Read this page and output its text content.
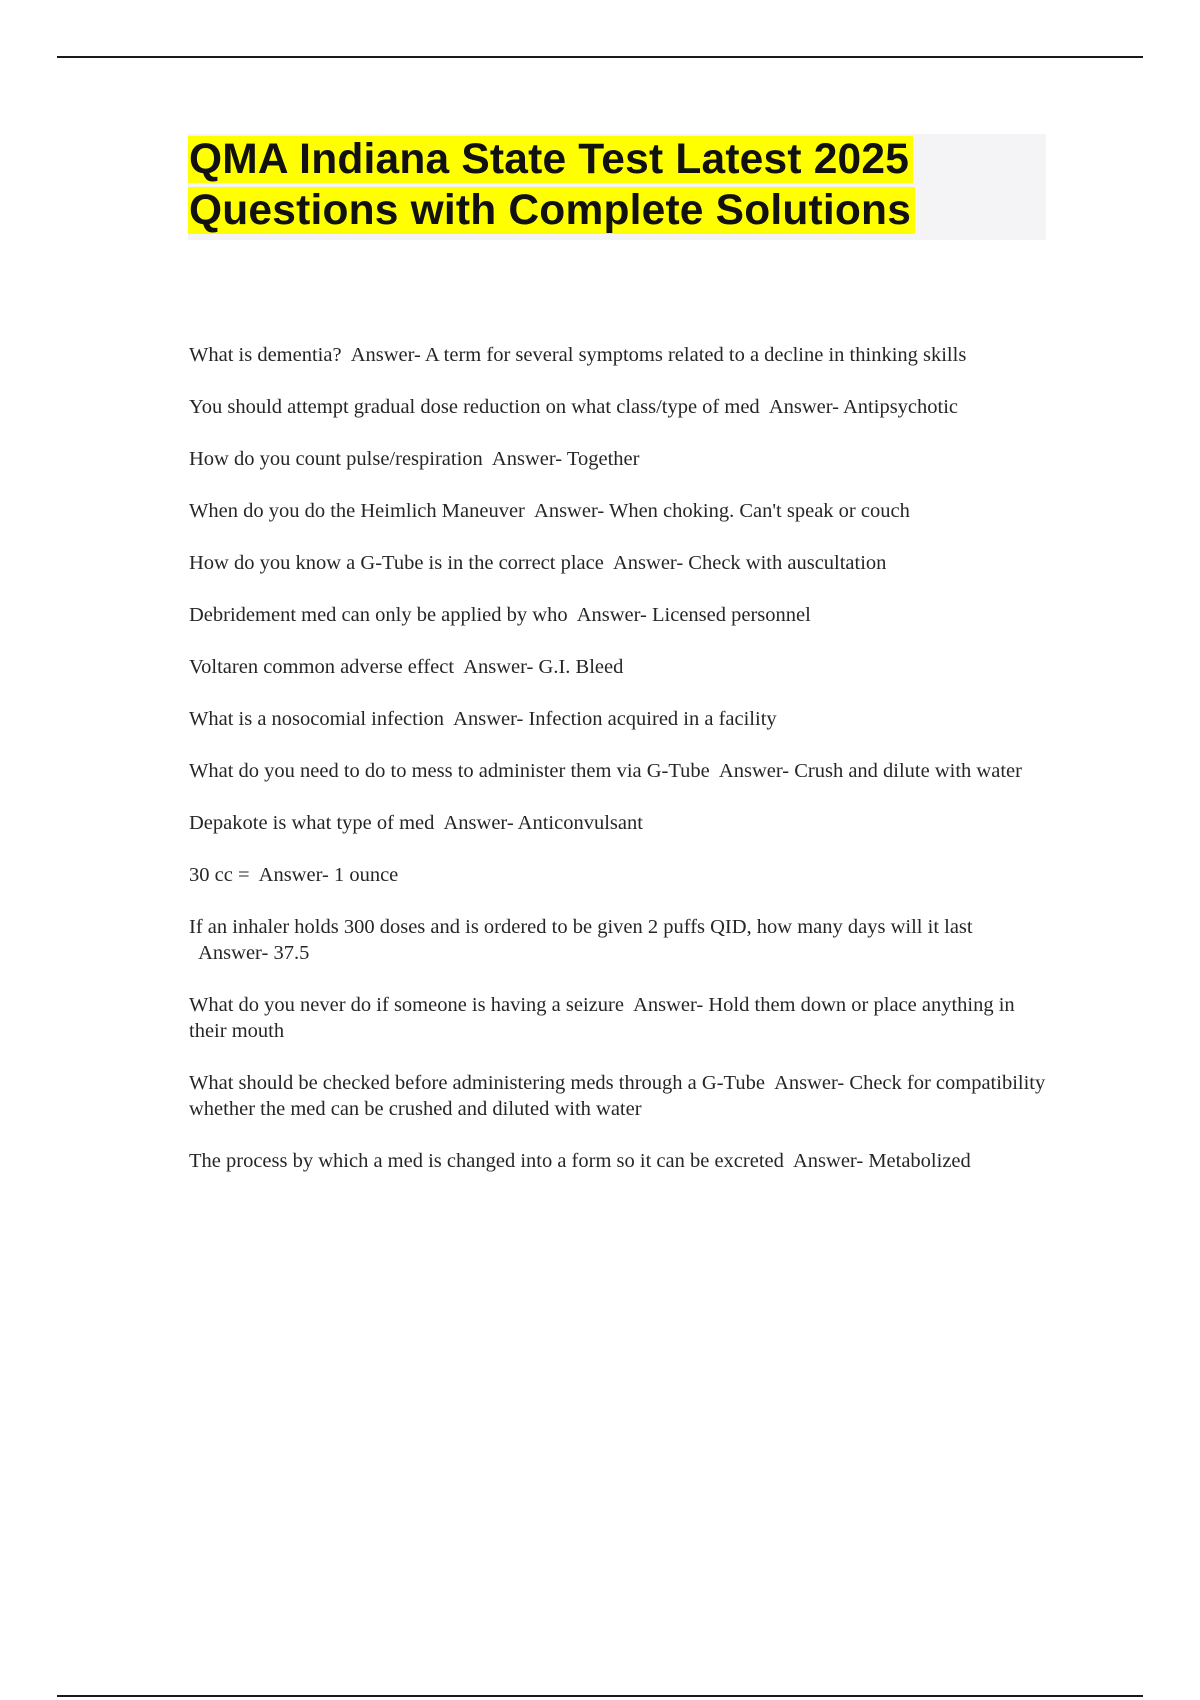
QMA Indiana State Test Latest 2025
Questions with Complete Solutions
What is dementia? Answer- A term for several symptoms related to a decline in thinking skills
You should attempt gradual dose reduction on what class/type of med Answer- Antipsychotic
How do you count pulse/respiration Answer- Together
When do you do the Heimlich Maneuver Answer- When choking. Can't speak or couch
How do you know a G-Tube is in the correct place Answer- Check with auscultation
Debridement med can only be applied by who Answer- Licensed personnel
Voltaren common adverse effect Answer- G.I. Bleed
What is a nosocomial infection Answer- Infection acquired in a facility
What do you need to do to mess to administer them via G-Tube Answer- Crush and dilute with water
Depakote is what type of med Answer- Anticonvulsant
30 cc = Answer- 1 ounce
If an inhaler holds 300 doses and is ordered to be given 2 puffs QID, how many days will it last  Answer- 37.5
What do you never do if someone is having a seizure Answer- Hold them down or place anything in their mouth
What should be checked before administering meds through a G-Tube Answer- Check for compatibility whether the med can be crushed and diluted with water
The process by which a med is changed into a form so it can be excreted Answer- Metabolized
